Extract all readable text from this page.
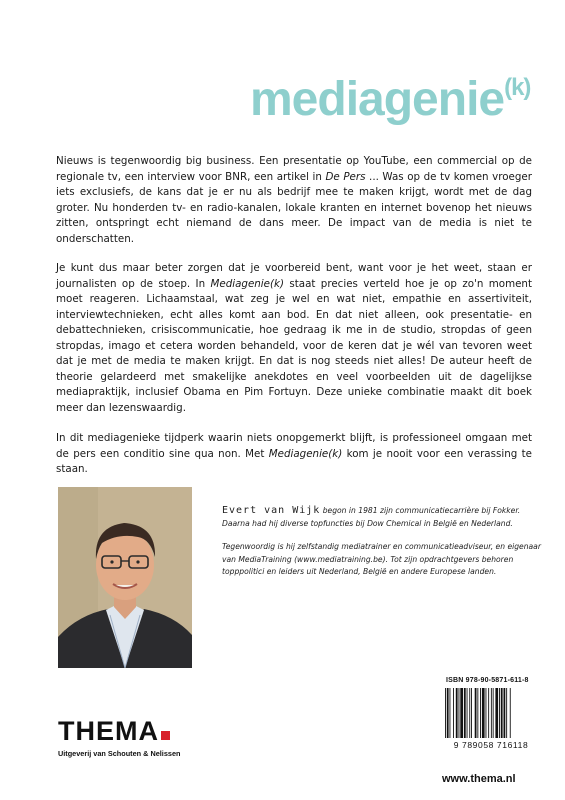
mediagenie$^{(k)}$

Nieuws is tegenwoordig big business. Een presentatie op YouTube, een commercial op de regionale tv, een interview voor BNR, een artikel in De Pers ... Was op de tv komen vroeger iets exclusiefs, de kans dat je er nu als bedrijf mee te maken krijgt, wordt met de dag groter. Nu honderden tv- en radio-kanalen, lokale kranten en internet bovenop het nieuws zitten, ontspringt echt niemand de dans meer. De impact van de media is niet te onderschatten.

Je kunt dus maar beter zorgen dat je voorbereid bent, want voor je het weet, staan er journalisten op de stoep. In Mediagenie(k) staat precies verteld hoe je op zo'n moment moet reageren. Lichaamstaal, wat zeg je wel en wat niet, empathie en assertiviteit, interviewtechnieken, echt alles komt aan bod. En dat niet alleen, ook presentatie- en debattechnieken, crisiscommunicatie, hoe gedraag ik me in de studio, stropdas of geen stropdas, imago et cetera worden behandeld, voor de keren dat je wél van tevoren weet dat je met de media te maken krijgt. En dat is nog steeds niet alles! De auteur heeft de theorie gelardeerd met smakelijke anekdotes en veel voorbeelden uit de dagelijkse mediapraktijk, inclusief Obama en Pim Fortuyn. Deze unieke combinatie maakt dit boek meer dan lezenswaardig.

In dit mediagenieke tijdperk waarin niets onopgemerkt blijft, is professioneel omgaan met de pers een conditio sine qua non. Met Mediagenie(k) kom je nooit voor een verassing te staan.

Evert van Wijk begon in 1981 zijn communicatiecarrière bij Fokker. Daarna had hij diverse topfuncties bij Dow Chemical in België en Nederland.

Tegenwoordig is hij zelfstandig mediatrainer en communicatieadviseur, en eigenaar van MediaTraining (www.mediatraining.be). Tot zijn opdrachtgevers behoren topppolitici en leiders uit Nederland, België en andere Europese landen.

THEMA
Uitgeverij van Schouten & Nelissen
ISBN 978-90-5871-611-8
9 789058 716118
www.thema.nl
